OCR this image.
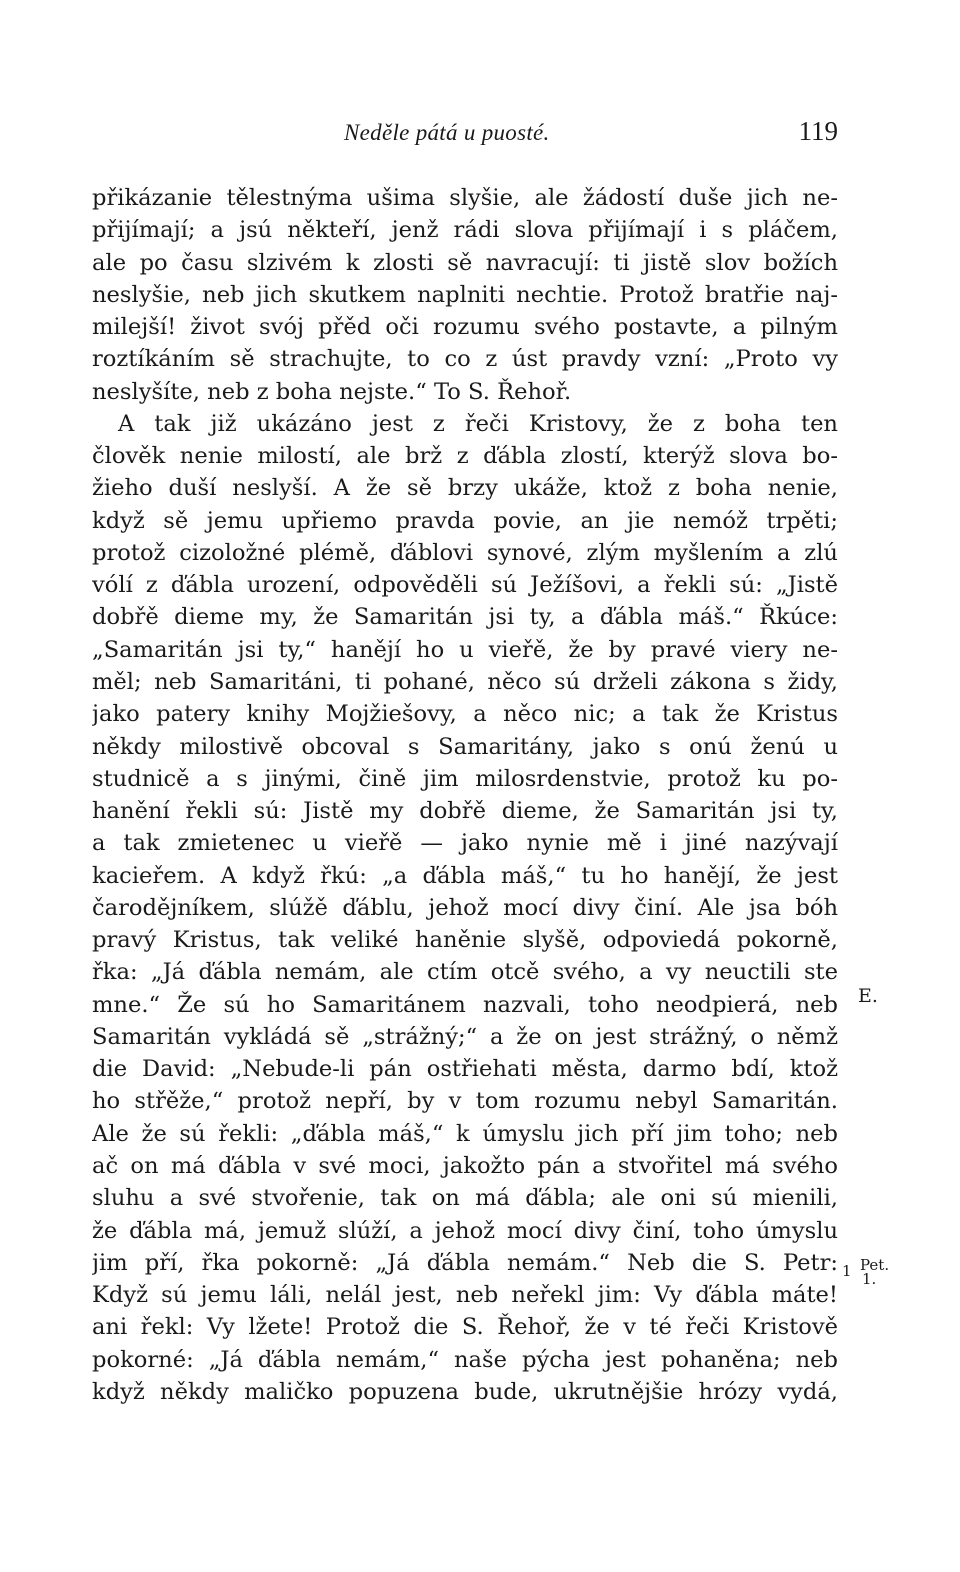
Neděle pátá u puosté.	119
přikázanie tělestnýma ušima slyšie, ale žádostí duše jich ne-
přijímají; a jsú někteří, jenž rádi slova přijímají i s pláčem,
ale po času slzivém k zlosti sě navracují: ti jistě slov božích
neslyšie, neb jich skutkem naplniti nechtie. Protož bratřie naj-
milejší! život svój přěd oči rozumu svého postavte, a pilným
roztíkáním sě strachujte, to co z úst pravdy vzní: „Proto vy
neslyšíte, neb z boha nejste.“ To S. Řehoř.
A tak již ukázáno jest z řeči Kristovy, že z boha ten
člověk nenie milostí, ale brž z ďábla zlostí, kterýž slova bo-
žieho duší neslyší. A že sě brzy ukáže, ktož z boha nenie,
když sě jemu upřiemo pravda povie, an jie nemóž trpěti;
protož cizoložné plémě, ďáblovi synové, zlým myšlením a zlú
vólí z ďábla urození, odpověděli sú Ježíšovi, a řekli sú: „Jistě
dobřě dieme my, že Samaritán jsi ty, a ďábla máš.“ Řkúce:
„Samaritán jsi ty,“ hanějí ho u vieřě, že by pravé viery ne-
měl; neb Samaritáni, ti pohané, něco sú drželi zákona s židy,
jako patery knihy Mojžiešovy, a něco nic; a tak že Kristus
někdy milostivě obcoval s Samaritány, jako s onú ženú u
studnicě a s jinými, čině jim milosrdenstvie, protož ku po-
hanění řekli sú: Jistě my dobřě dieme, že Samaritán jsi ty,
a tak zmietenec u vieřě — jako nynie mě i jiné nazývají
kacieřem. A když řkú: „a ďábla máš,“ tu ho hanějí, že jest
čarodějníkem, slúžě ďáblu, jehož mocí divy činí. Ale jsa bóh
pravý Kristus, tak veliké haněnie slyšě, odpoviedá pokorně,
řka: „Já ďábla nemám, ale ctím otcě svého, a vy neuctili ste
mne.“ Že sú ho Samaritánem nazvali, toho neodpierá, neb
Samaritán vykládá sě „strážný;“ a že on jest strážný, o němž
die David: „Nebude-li pán ostřiehati města, darmo bdí, ktož
ho střěže,“ protož nepří, by v tom rozumu nebyl Samaritán.
Ale že sú řekli: „ďábla máš,“ k úmyslu jich pří jim toho; neb
ač on má ďábla v své moci, jakožto pán a stvořitel má svého
sluhu a své stvořenie, tak on má ďábla; ale oni sú mienili,
že ďábla má, jemuž slúží, a jehož mocí divy činí, toho úmyslu
jim pří, řka pokorně: „Já ďábla nemám.“ Neb die S. Petr:
Když sú jemu láli, nelál jest, neb neřekl jim: Vy ďábla máte!
ani řekl: Vy lžete! Protož die S. Řehoř, že v té řeči Kristově
pokorné: „Já ďábla nemám,“ naše pýcha jest pohaněna; neb
když někdy maličko popuzena bude, ukrutnějšie hrózy vydá,
E.
1 Pet.
1.
